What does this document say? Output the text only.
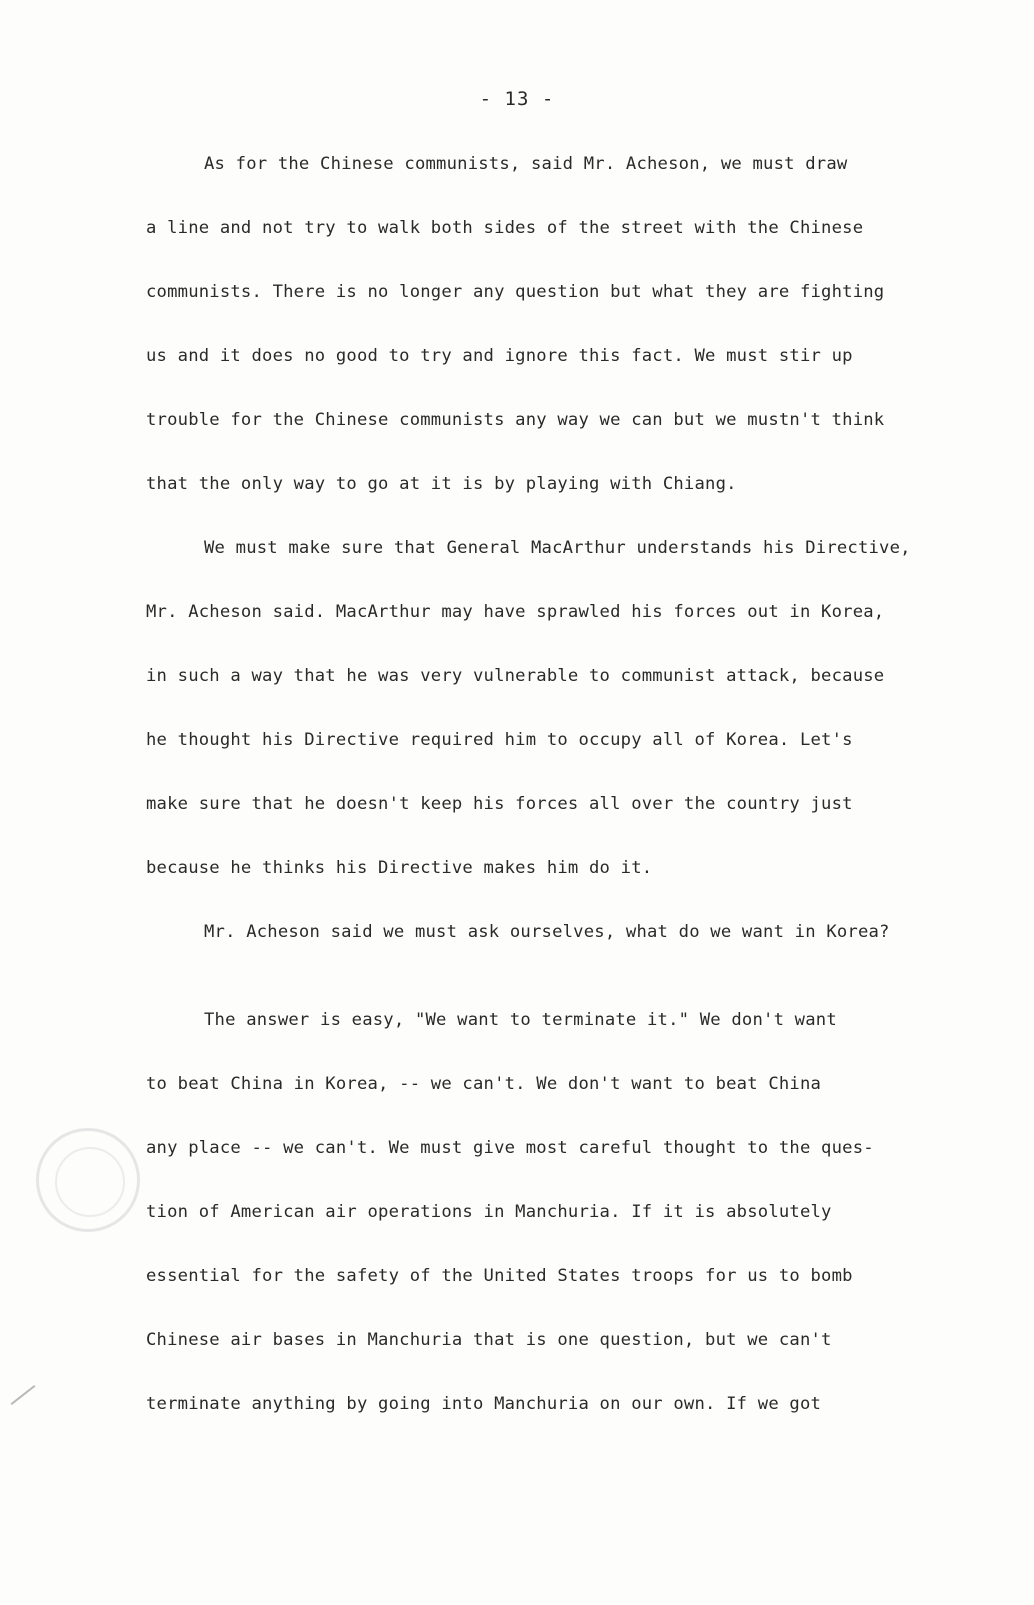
- 13 -
As for the Chinese communists, said Mr. Acheson, we must draw
a line and not try to walk both sides of the street with the Chinese
communists. There is no longer any question but what they are fighting
us and it does no good to try and ignore this fact. We must stir up
trouble for the Chinese communists any way we can but we mustn't think
that the only way to go at it is by playing with Chiang.
We must make sure that General MacArthur understands his Directive,
Mr. Acheson said. MacArthur may have sprawled his forces out in Korea,
in such a way that he was very vulnerable to communist attack, because
he thought his Directive required him to occupy all of Korea. Let's
make sure that he doesn't keep his forces all over the country just
because he thinks his Directive makes him do it.
Mr. Acheson said we must ask ourselves, what do we want in Korea?
The answer is easy, "We want to terminate it." We don't want
to beat China in Korea, -- we can't. We don't want to beat China
any place -- we can't. We must give most careful thought to the ques-
tion of American air operations in Manchuria. If it is absolutely
essential for the safety of the United States troops for us to bomb
Chinese air bases in Manchuria that is one question, but we can't
terminate anything by going into Manchuria on our own. If we got
